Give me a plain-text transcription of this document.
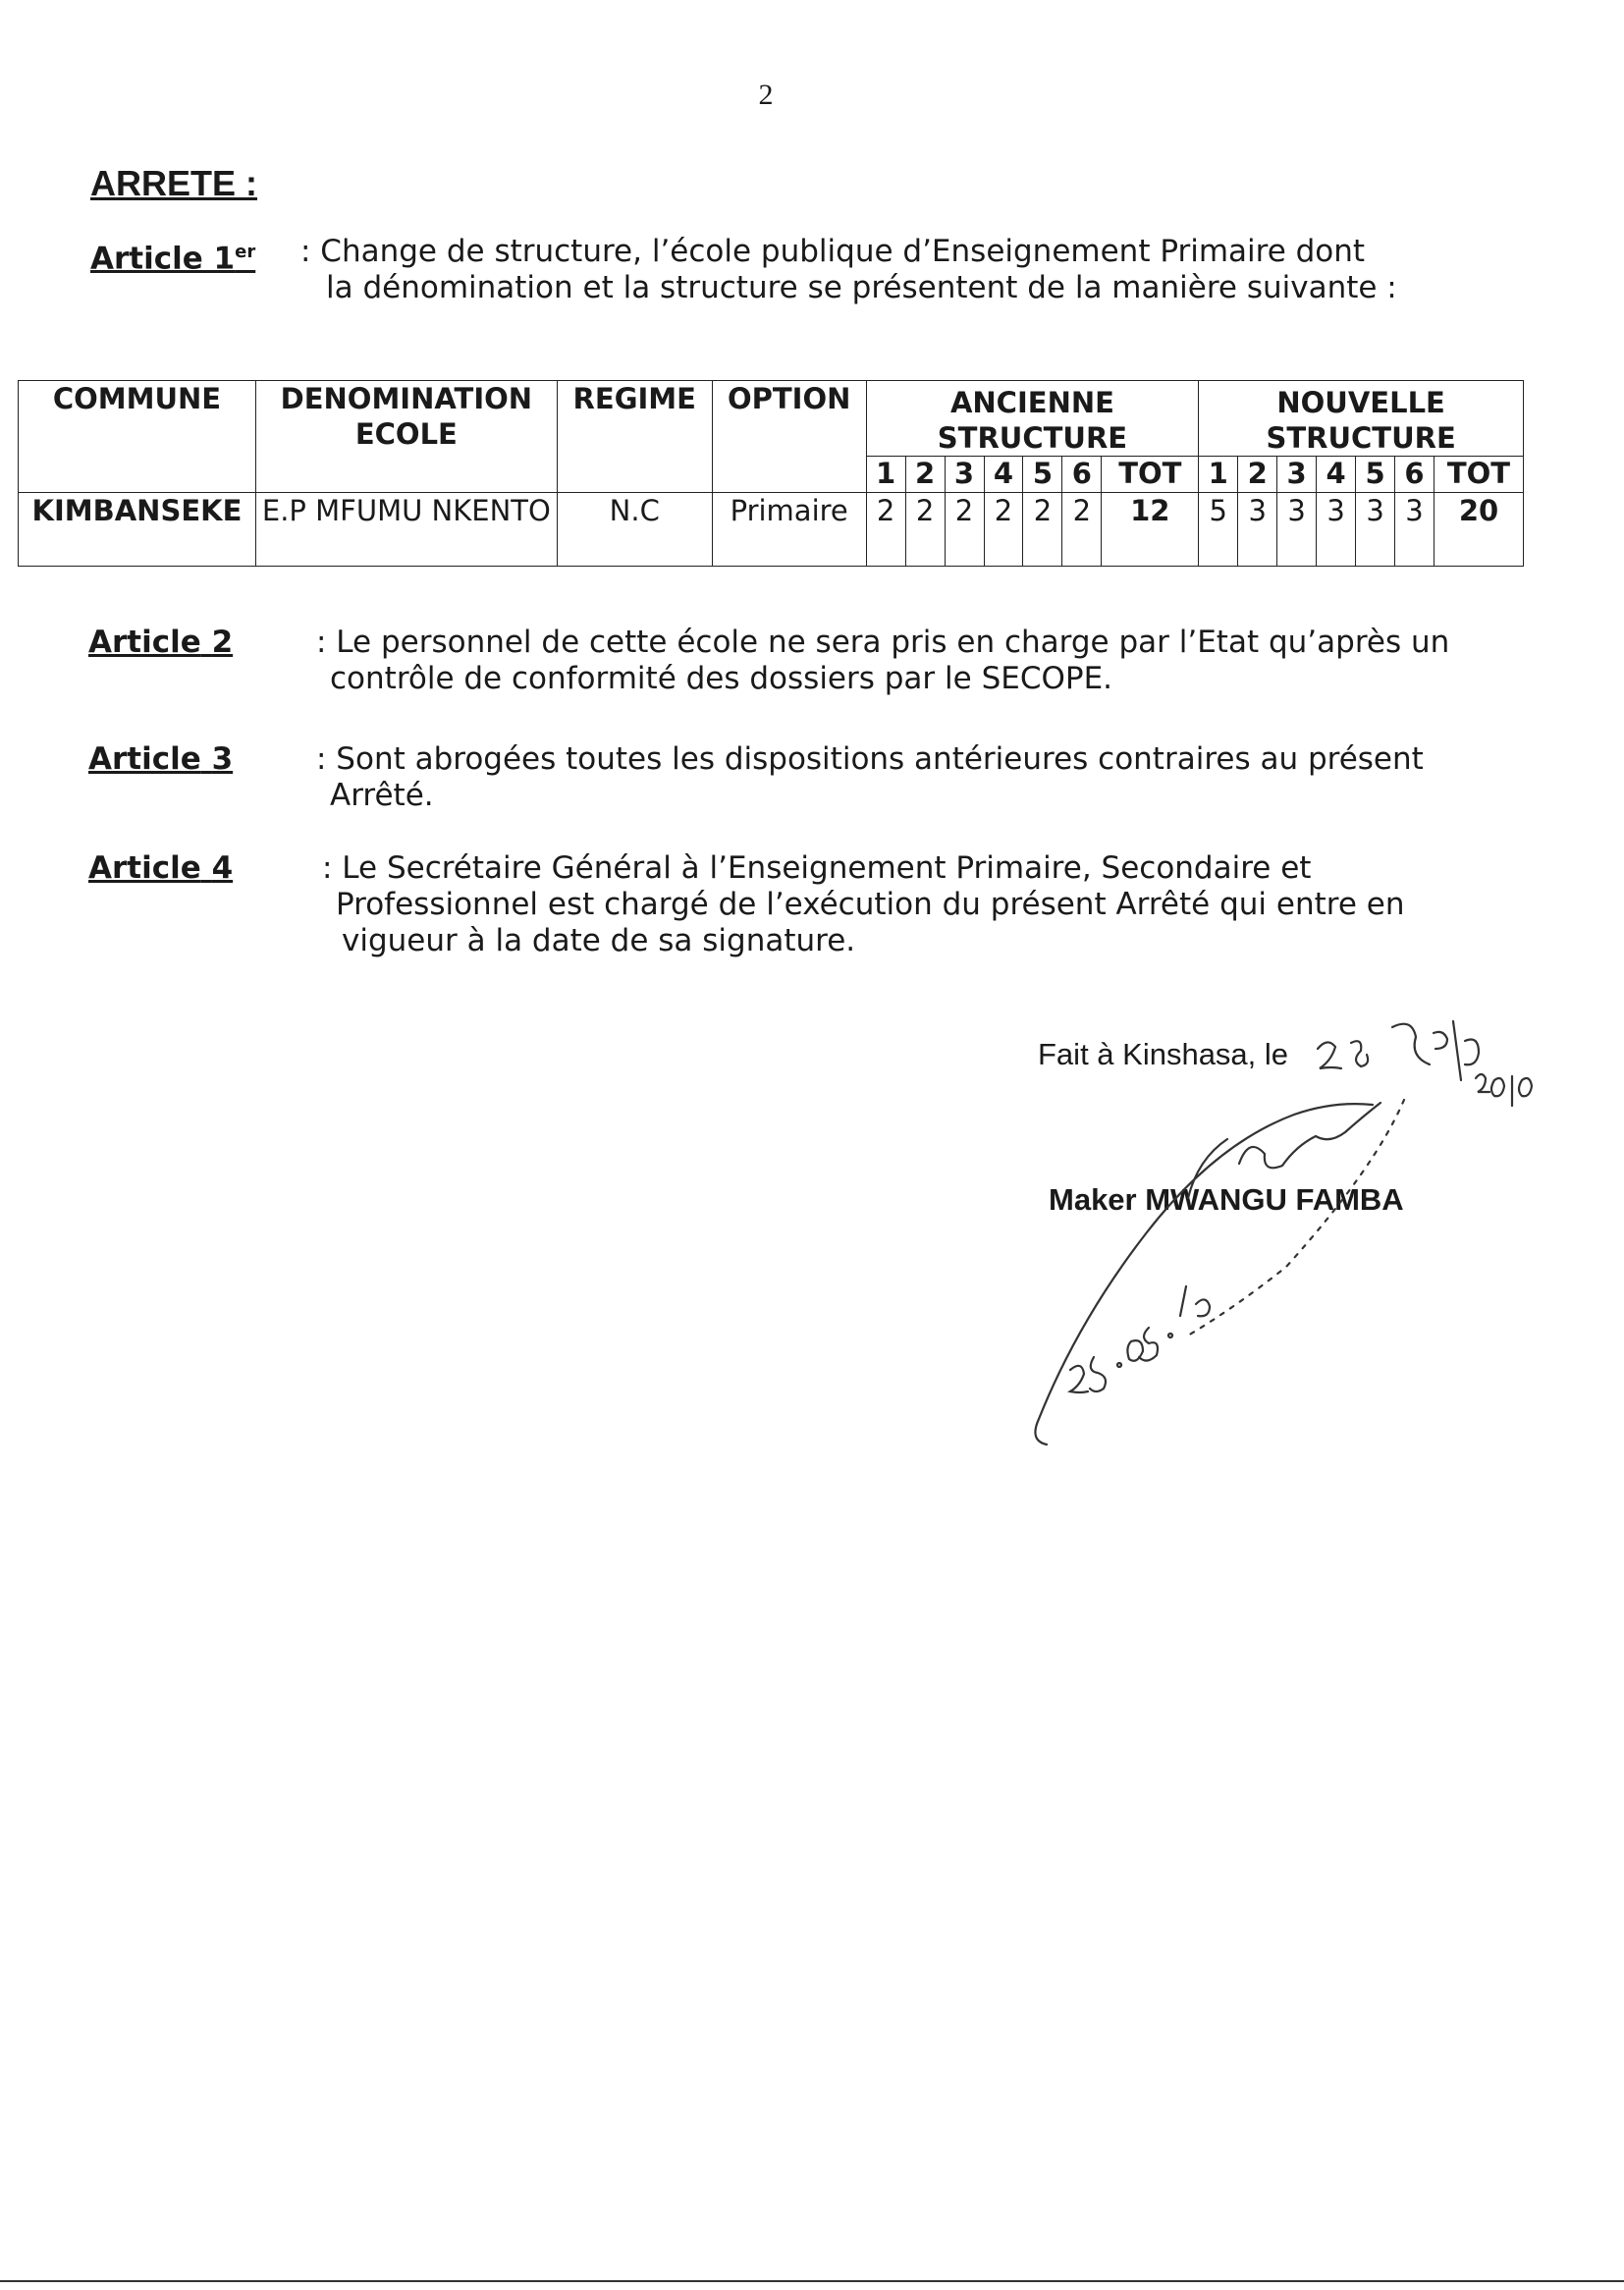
2
ARRETE :
Article 1er : Change de structure, l’école publique d’Enseignement Primaire dont
la dénomination et la structure se présentent de la manière suivante :
COMMUNE	DENOMINATION ECOLE	REGIME	OPTION	ANCIENNE STRUCTURE							NOUVELLE STRUCTURE						
				1	2	3	4	5	6	TOT	1	2	3	4	5	6	TOT
KIMBANSEKE	E.P MFUMU NKENTO	N.C	Primaire	2	2	2	2	2	2	12	5	3	3	3	3	3	20
Article 2	: Le personnel de cette école ne sera pris en charge par l’Etat qu’après un
contrôle de conformité des dossiers par le SECOPE.
Article 3	: Sont abrogées toutes les dispositions antérieures contraires au présent
Arrêté.
Article 4	: Le Secrétaire Général à l’Enseignement Primaire, Secondaire et
Professionnel est chargé de l’exécution du présent Arrêté qui entre en
vigueur à la date de sa signature.
Fait à Kinshasa, le
Maker MWANGU FAMBA
